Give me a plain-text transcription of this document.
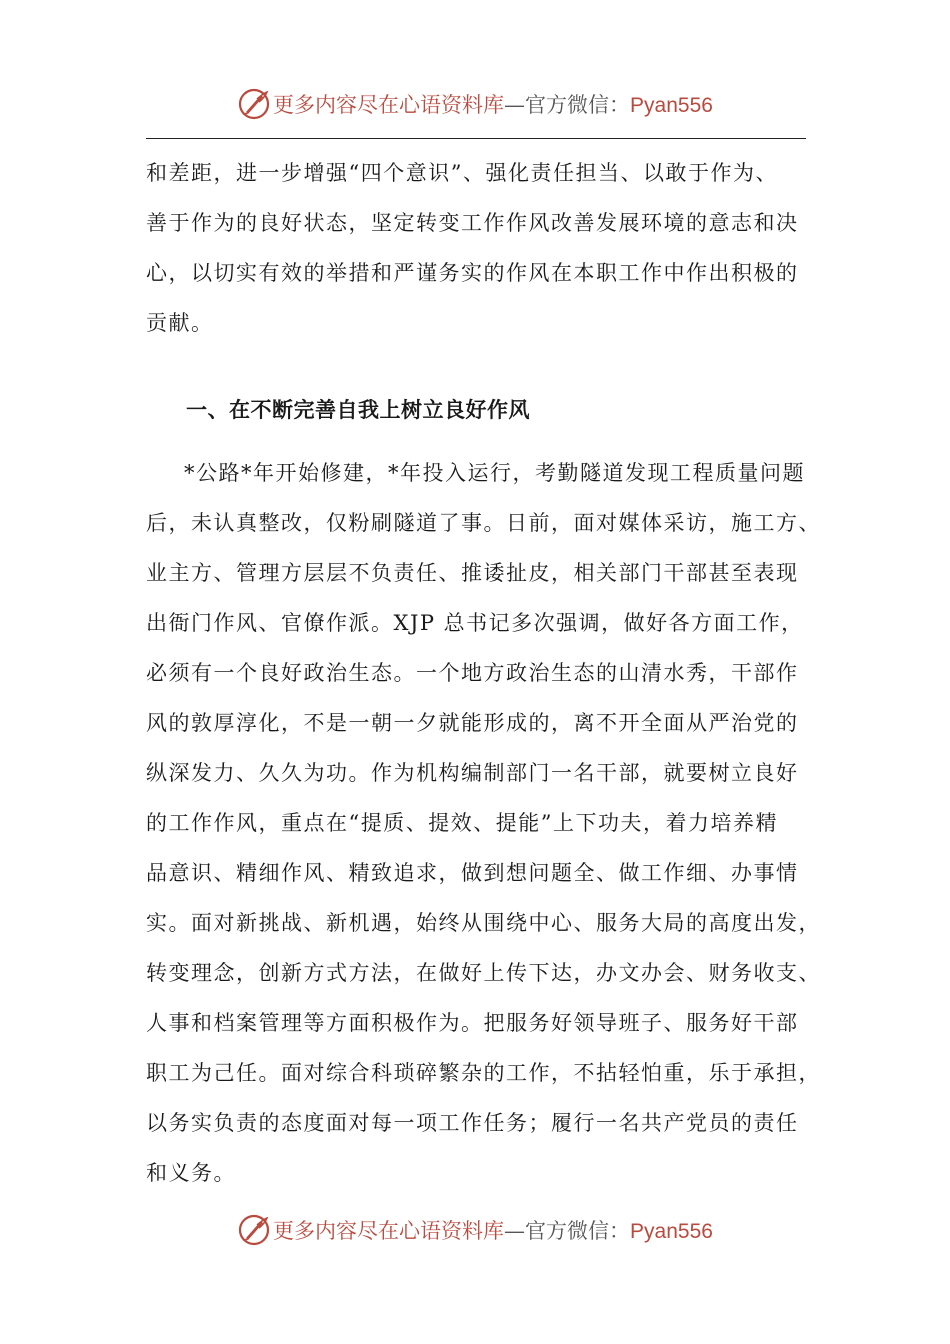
更多内容尽在心语资料库—官方微信：Pyan556
和差距，进一步增强“四个意识”、强化责任担当、以敢于作为、
善于作为的良好状态，坚定转变工作作风改善发展环境的意志和决
心，以切实有效的举措和严谨务实的作风在本职工作中作出积极的
贡献。
一、在不断完善自我上树立良好作风
*公路*年开始修建，*年投入运行，考勤隧道发现工程质量问题
后，未认真整改，仅粉刷隧道了事。日前，面对媒体采访，施工方、
业主方、管理方层层不负责任、推诿扯皮，相关部门干部甚至表现
出衙门作风、官僚作派。XJP 总书记多次强调，做好各方面工作，
必须有一个良好政治生态。一个地方政治生态的山清水秀，干部作
风的敦厚淳化，不是一朝一夕就能形成的，离不开全面从严治党的
纵深发力、久久为功。作为机构编制部门一名干部，就要树立良好
的工作作风，重点在“提质、提效、提能”上下功夫，着力培养精
品意识、精细作风、精致追求，做到想问题全、做工作细、办事情
实。面对新挑战、新机遇，始终从围绕中心、服务大局的高度出发，
转变理念，创新方式方法，在做好上传下达，办文办会、财务收支、
人事和档案管理等方面积极作为。把服务好领导班子、服务好干部
职工为己任。面对综合科琐碎繁杂的工作，不拈轻怕重，乐于承担，
以务实负责的态度面对每一项工作任务；履行一名共产党员的责任
和义务。
更多内容尽在心语资料库—官方微信：Pyan556
